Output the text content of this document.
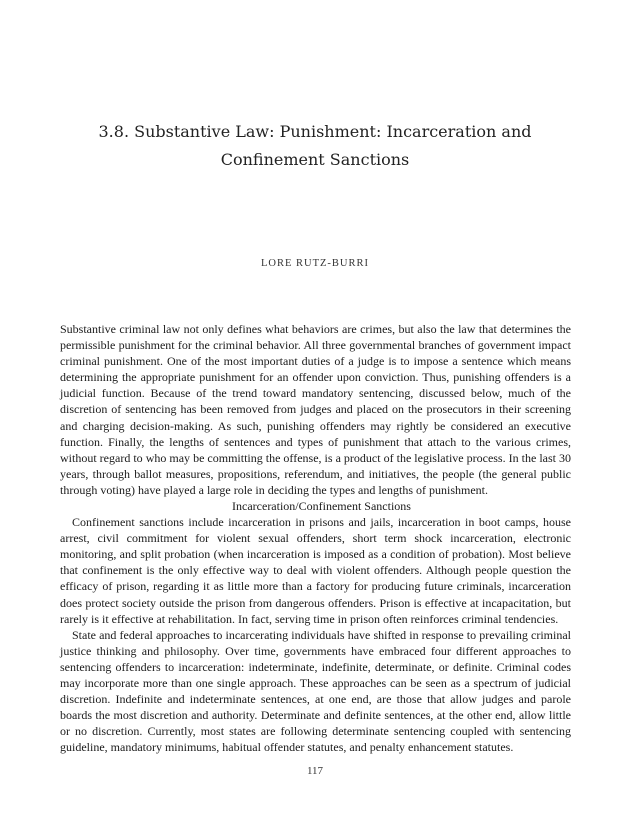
3.8. Substantive Law: Punishment: Incarceration and Confinement Sanctions
LORE RUTZ-BURRI

Substantive criminal law not only defines what behaviors are crimes, but also the law that determines the permissible punishment for the criminal behavior. All three governmental branches of government impact criminal punishment. One of the most important duties of a judge is to impose a sentence which means determining the appropriate punishment for an offender upon conviction. Thus, punishing offenders is a judicial function. Because of the trend toward mandatory sentencing, discussed below, much of the discretion of sentencing has been removed from judges and placed on the prosecutors in their screening and charging decision-making. As such, punishing offenders may rightly be considered an executive function. Finally, the lengths of sentences and types of punishment that attach to the various crimes, without regard to who may be committing the offense, is a product of the legislative process. In the last 30 years, through ballot measures, propositions, referendum, and initiatives, the people (the general public through voting) have played a large role in deciding the types and lengths of punishment.

Incarceration/Confinement Sanctions

Confinement sanctions include incarceration in prisons and jails, incarceration in boot camps, house arrest, civil commitment for violent sexual offenders, short term shock incarceration, electronic monitoring, and split probation (when incarceration is imposed as a condition of probation). Most believe that confinement is the only effective way to deal with violent offenders. Although people question the efficacy of prison, regarding it as little more than a factory for producing future criminals, incarceration does protect society outside the prison from dangerous offenders. Prison is effective at incapacitation, but rarely is it effective at rehabilitation. In fact, serving time in prison often reinforces criminal tendencies.

State and federal approaches to incarcerating individuals have shifted in response to prevailing criminal justice thinking and philosophy. Over time, governments have embraced four different approaches to sentencing offenders to incarceration: indeterminate, indefinite, determinate, or definite. Criminal codes may incorporate more than one single approach. These approaches can be seen as a spectrum of judicial discretion. Indefinite and indeterminate sentences, at one end, are those that allow judges and parole boards the most discretion and authority. Determinate and definite sentences, at the other end, allow little or no discretion. Currently, most states are following determinate sentencing coupled with sentencing guideline, mandatory minimums, habitual offender statutes, and penalty enhancement statutes.

117
